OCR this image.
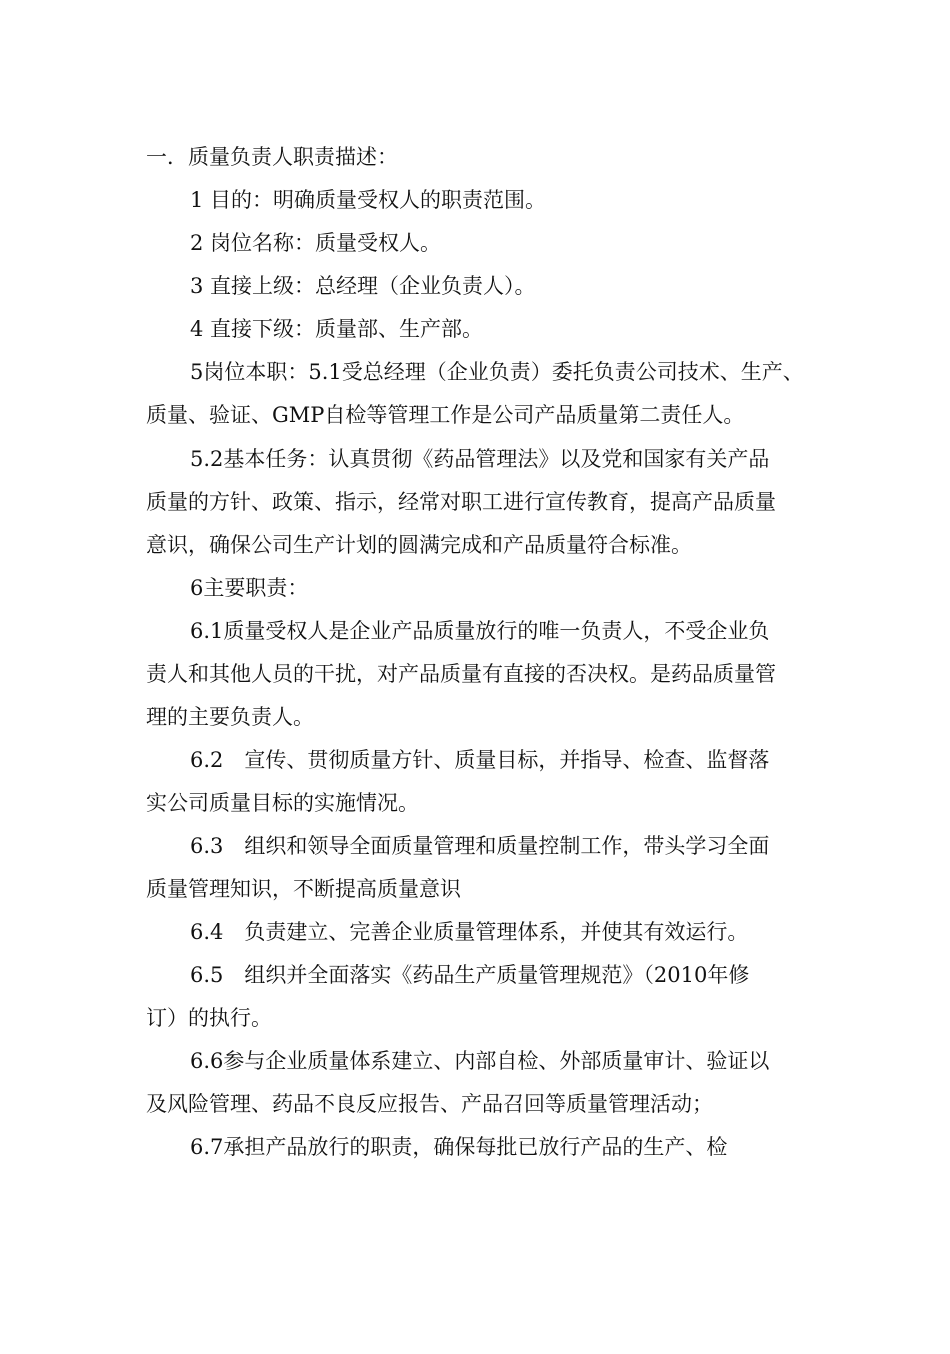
一．质量负责人职责描述：
1 目的：明确质量受权人的职责范围。
2 岗位名称：质量受权人。
3 直接上级：总经理（企业负责人）。
4 直接下级：质量部、生产部。
5岗位本职：5.1受总经理（企业负责）委托负责公司技术、生产、
质量、验证、GMP自检等管理工作是公司产品质量第二责任人。
5.2基本任务：认真贯彻《药品管理法》以及党和国家有关产品
质量的方针、政策、指示，经常对职工进行宣传教育，提高产品质量
意识，确保公司生产计划的圆满完成和产品质量符合标准。
6主要职责：
6.1质量受权人是企业产品质量放行的唯一负责人，不受企业负
责人和其他人员的干扰，对产品质量有直接的否决权。是药品质量管
理的主要负责人。
6.2　宣传、贯彻质量方针、质量目标，并指导、检查、监督落
实公司质量目标的实施情况。
6.3　组织和领导全面质量管理和质量控制工作，带头学习全面
质量管理知识，不断提高质量意识
6.4　负责建立、完善企业质量管理体系，并使其有效运行。
6.5　组织并全面落实《药品生产质量管理规范》（2010年修
订）的执行。
6.6参与企业质量体系建立、内部自检、外部质量审计、验证以
及风险管理、药品不良反应报告、产品召回等质量管理活动；
6.7承担产品放行的职责，确保每批已放行产品的生产、检
